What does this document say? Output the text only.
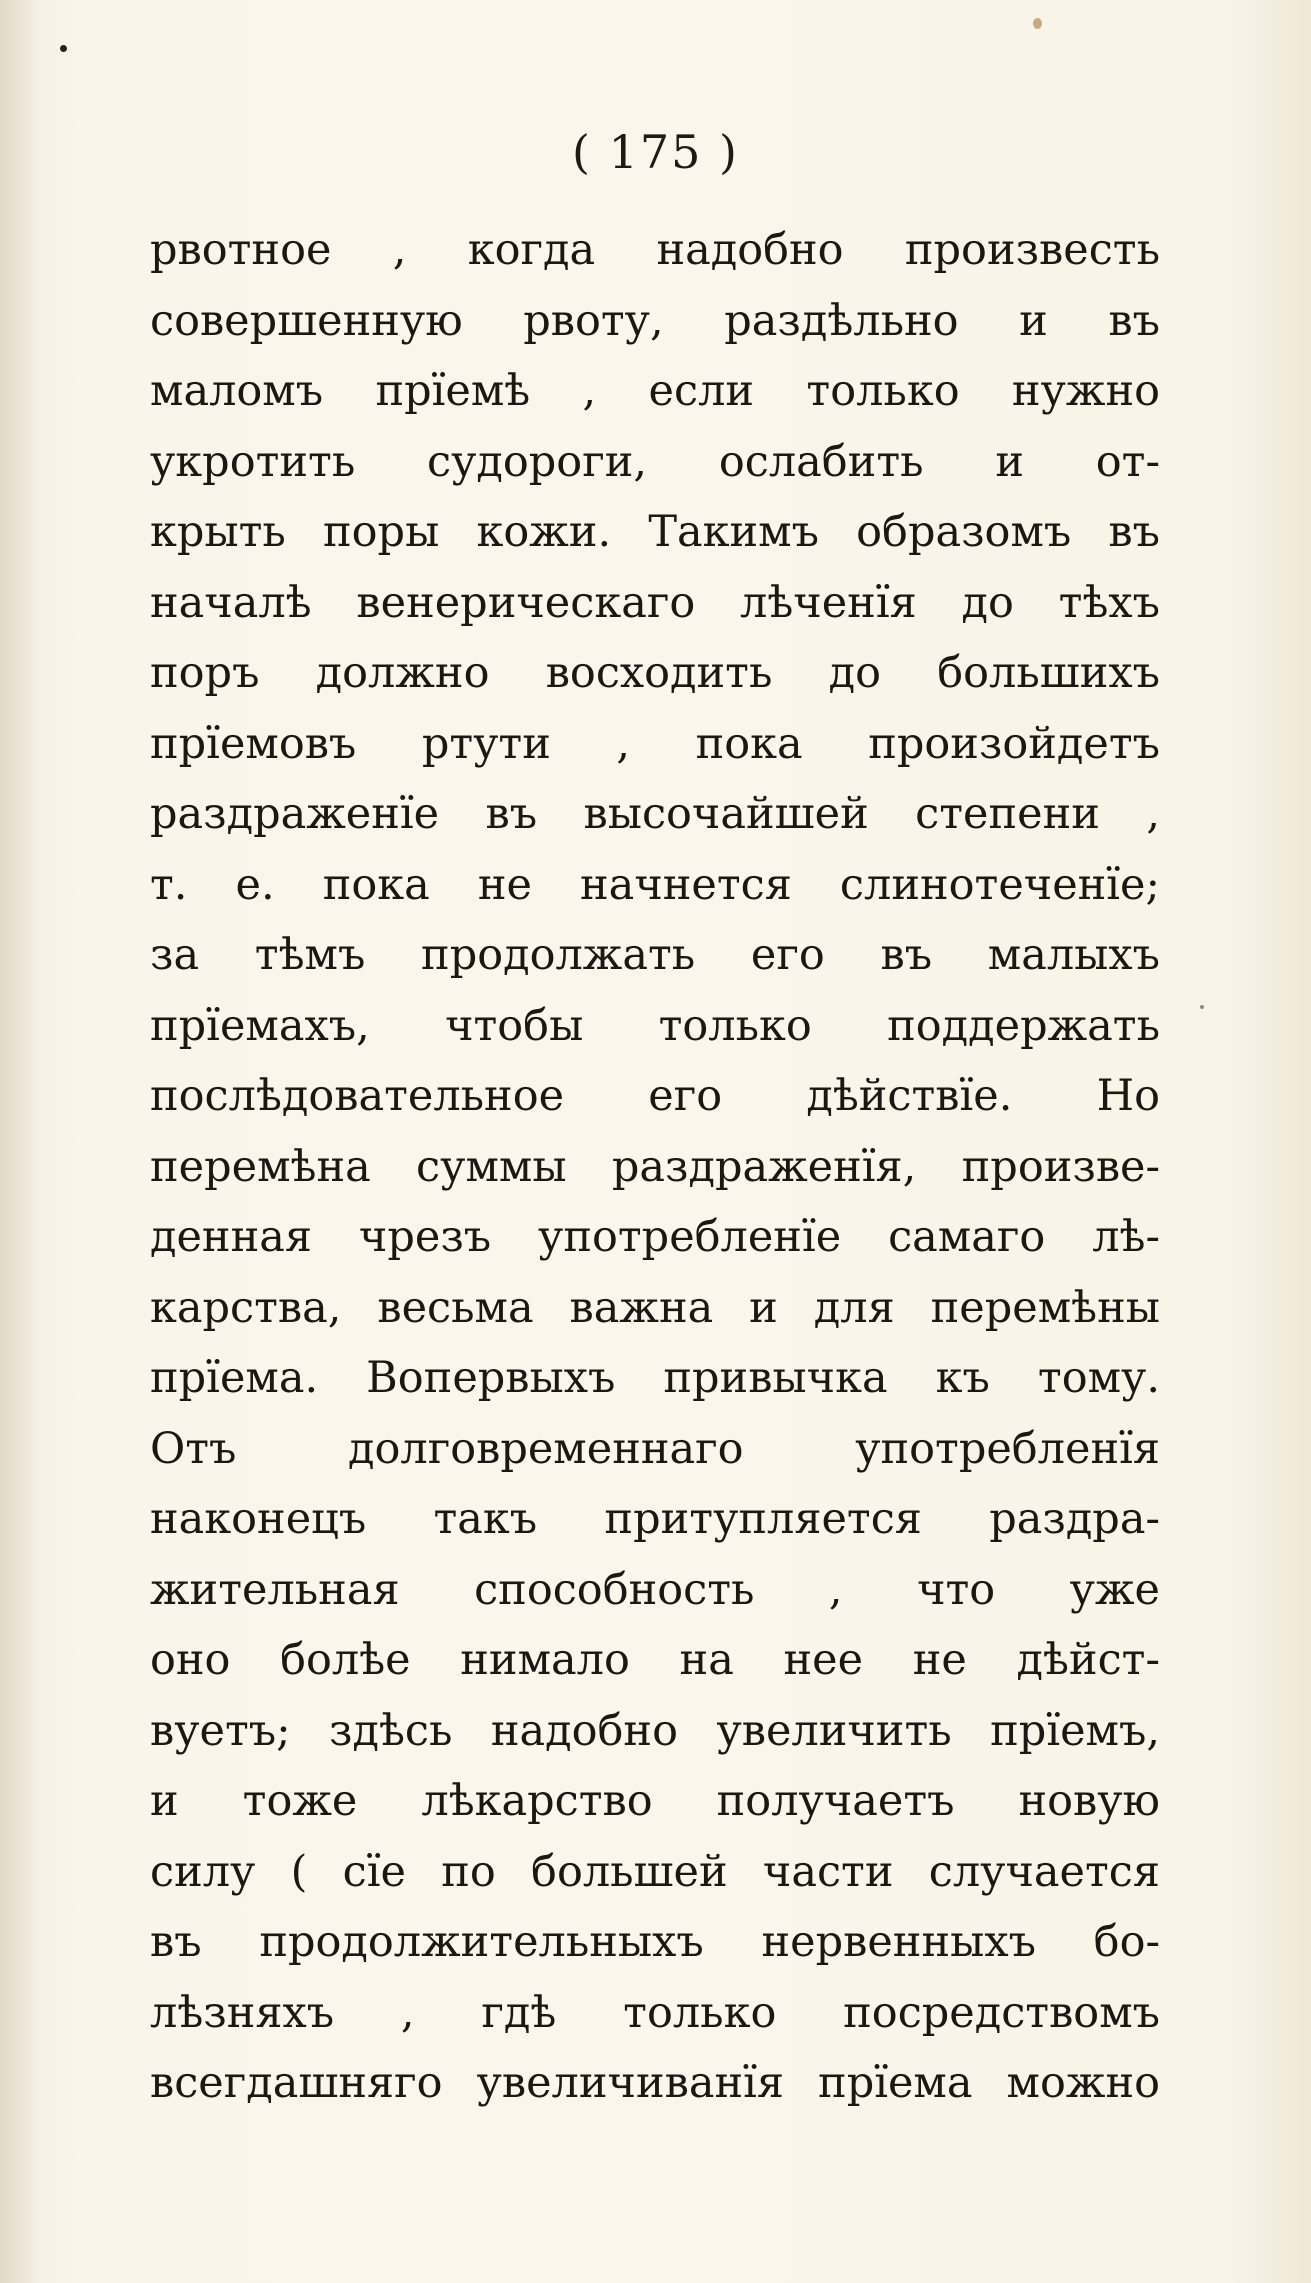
( 175 )
рвотное , когда надобно произвесть
совершенную рвоту, раздѣльно и въ
маломъ прїемѣ , если только нужно
укротить судороги, ослабить и от-
крыть поры кожи. Такимъ образомъ въ
началѣ венерическаго лѣченїя до тѣхъ
поръ должно восходить до большихъ
прїемовъ ртути , пока произойдетъ
раздраженїе въ высочайшей степени ,
т. е. пока не начнется слинотеченїе;
за тѣмъ продолжать его въ малыхъ
прїемахъ, чтобы только поддержать
послѣдовательное его дѣйствїе. Но
перемѣна суммы раздраженїя, произве-
денная чрезъ употребленїе самаго лѣ-
карства, весьма важна и для перемѣны
прїема. Вопервыхъ привычка къ тому.
Отъ долговременнаго употребленїя
наконецъ такъ притупляется раздра-
жительная способность , что уже
оно болѣе нимало на нее не дѣйст-
вуетъ; здѣсь надобно увеличить прїемъ,
и тоже лѣкарство получаетъ новую
силу ( сїе по большей части случается
въ продолжительныхъ нервенныхъ бо-
лѣзняхъ , гдѣ только посредствомъ
всегдашняго увеличиванїя прїема можно
